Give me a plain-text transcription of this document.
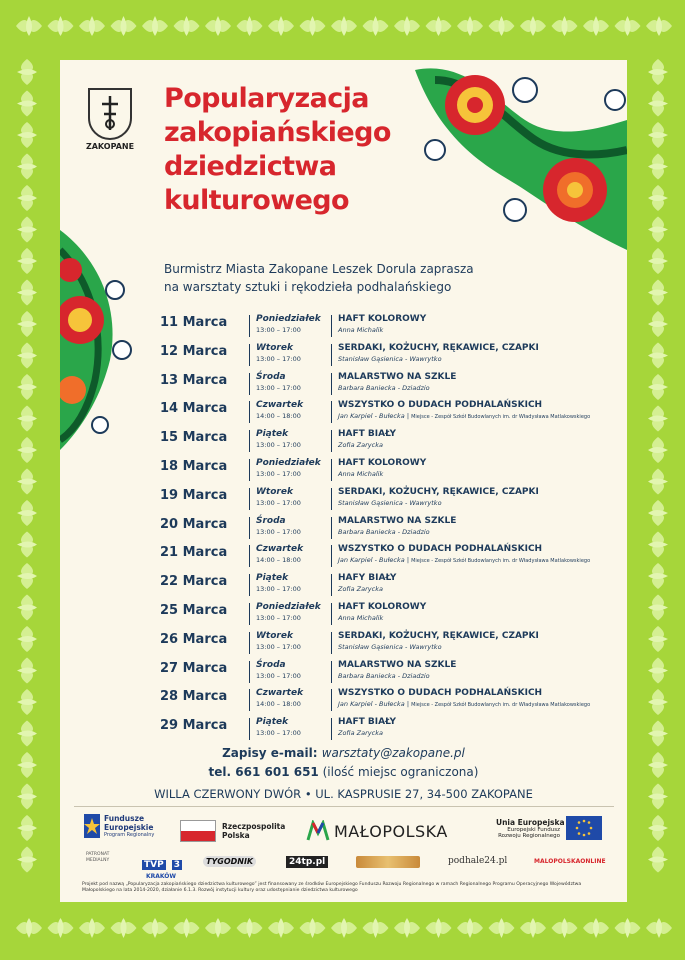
ZAKOPANE
Popularyzacja
zakopiańskiego
dziedzictwa
kulturowego
Burmistrz Miasta Zakopane Leszek Dorula zaprasza
na warsztaty sztuki i rękodzieła podhalańskiego
11 Marca	Poniedziałek
13:00 – 17:00
HAFT KOLOROWY
Anna Michalik
12 Marca	Wtorek
13:00 – 17:00
SERDAKI, KOŻUCHY, RĘKAWICE, CZAPKI
Stanisław Gąsienica - Wawrytko
13 Marca	Środa
13:00 – 17:00
MALARSTWO NA SZKLE
Barbara Baniecka - Dziadzio
14 Marca	Czwartek
14:00 – 18:00
WSZYSTKO O DUDACH PODHALAŃSKICH
Jan Karpiel - Bułecka | Miejsce - Zespół Szkół Budowlanych im. dr Władysława Matlakowskiego
15 Marca	Piątek
13:00 – 17:00
HAFT BIAŁY
Zofia Zarycka
18 Marca	Poniedziałek
13:00 – 17:00
HAFT KOLOROWY
Anna Michalik
19 Marca	Wtorek
13:00 – 17:00
SERDAKI, KOŻUCHY, RĘKAWICE, CZAPKI
Stanisław Gąsienica - Wawrytko
20 Marca	Środa
13:00 – 17:00
MALARSTWO NA SZKLE
Barbara Baniecka - Dziadzio
21 Marca	Czwartek
14:00 – 18:00
WSZYSTKO O DUDACH PODHALAŃSKICH
Jan Karpiel - Bułecka | Miejsce - Zespół Szkół Budowlanych im. dr Władysława Matlakowskiego
22 Marca	Piątek
13:00 – 17:00
HAFY BIAŁY
Zofia Zarycka
25 Marca	Poniedziałek
13:00 – 17:00
HAFT KOLOROWY
Anna Michalik
26 Marca	Wtorek
13:00 – 17:00
SERDAKI, KOŻUCHY, RĘKAWICE, CZAPKI
Stanisław Gąsienica - Wawrytko
27 Marca	Środa
13:00 – 17:00
MALARSTWO NA SZKLE
Barbara Baniecka - Dziadzio
28 Marca	Czwartek
14:00 – 18:00
WSZYSTKO O DUDACH PODHALAŃSKICH
Jan Karpiel - Bułecka | Miejsce - Zespół Szkół Budowlanych im. dr Władysława Matlakowskiego
29 Marca	Piątek
13:00 – 17:00
HAFT BIAŁY
Zofia Zarycka
Zapisy e-mail: warsztaty@zakopane.pl
tel. 661 601 651 (ilość miejsc ograniczona)
WILLA CZERWONY DWÓR • UL. KASPRUSIE 27, 34-500 ZAKOPANE
Fundusze
Europejskie
Program Regionalny
Rzeczpospolita
Polska	MAŁOPOLSKA	Unia Europejska
Europejski Fundusz
Rozwoju Regionalnego
PATRONAT MEDIALNY	TVP 3
KRAKÓW
TYGODNIK	24tp.pl	podhale24.pl	MALOPOLSKAONLINE
Projekt pod nazwą „Popularyzacja zakopiańskiego dziedzictwa kulturowego” jest finansowany ze środków Europejskiego Funduszu Rozwoju Regionalnego w ramach Regionalnego Programu Operacyjnego Województwa Małopolskiego na lata 2014-2020, działanie 6.1.3. Rozwój instytucji kultury oraz udostępnianie dziedzictwa kulturowego
